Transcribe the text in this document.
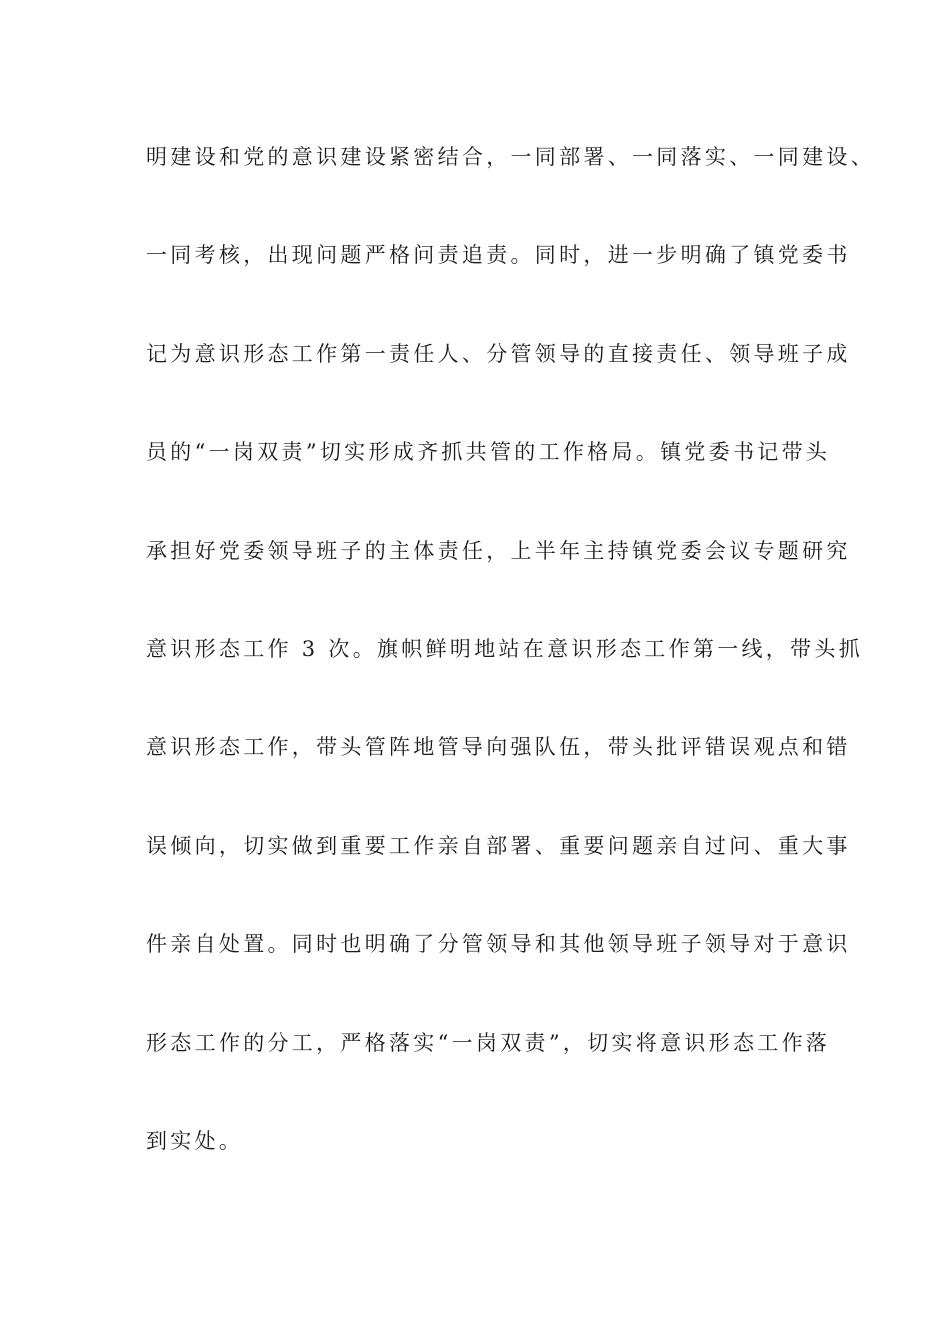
明建设和党的意识建设紧密结合，一同部署、一同落实、一同建设、
一同考核，出现问题严格问责追责。同时，进一步明确了镇党委书
记为意识形态工作第一责任人、分管领导的直接责任、领导班子成
员的“一岗双责”切实形成齐抓共管的工作格局。镇党委书记带头
承担好党委领导班子的主体责任，上半年主持镇党委会议专题研究
意识形态工作 3 次。旗帜鲜明地站在意识形态工作第一线，带头抓
意识形态工作，带头管阵地管导向强队伍，带头批评错误观点和错
误倾向，切实做到重要工作亲自部署、重要问题亲自过问、重大事
件亲自处置。同时也明确了分管领导和其他领导班子领导对于意识
形态工作的分工，严格落实“一岗双责”，切实将意识形态工作落
到实处。
